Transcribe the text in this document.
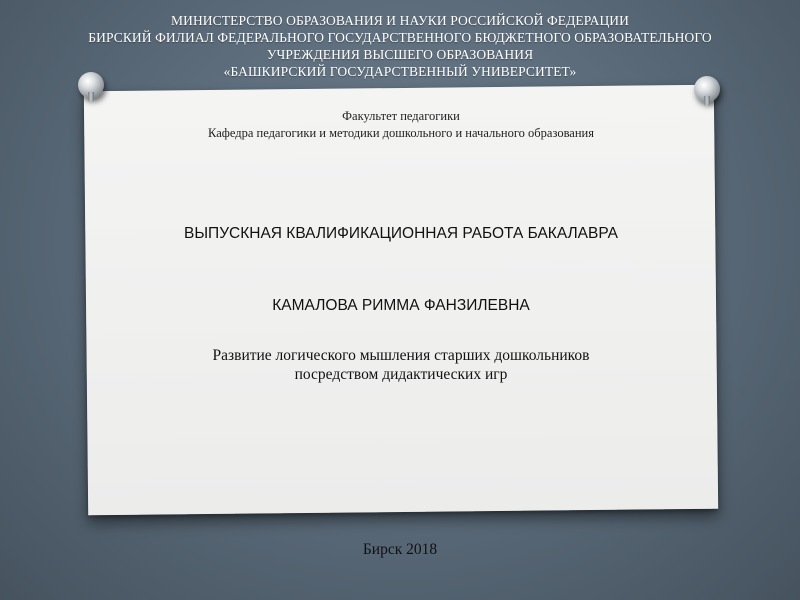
МИНИСТЕРСТВО ОБРАЗОВАНИЯ И НАУКИ РОССИЙСКОЙ ФЕДЕРАЦИИ
БИРСКИЙ ФИЛИАЛ ФЕДЕРАЛЬНОГО ГОСУДАРСТВЕННОГО БЮДЖЕТНОГО ОБРАЗОВАТЕЛЬНОГО
УЧРЕЖДЕНИЯ ВЫСШЕГО ОБРАЗОВАНИЯ
«БАШКИРСКИЙ ГОСУДАРСТВЕННЫЙ УНИВЕРСИТЕТ»
Факультет педагогики
Кафедра педагогики и методики дошкольного и начального образования
ВЫПУСКНАЯ КВАЛИФИКАЦИОННАЯ РАБОТА БАКАЛАВРА
КАМАЛОВА РИММА ФАНЗИЛЕВНА
Развитие логического мышления старших дошкольников
посредством дидактических игр
Бирск 2018
